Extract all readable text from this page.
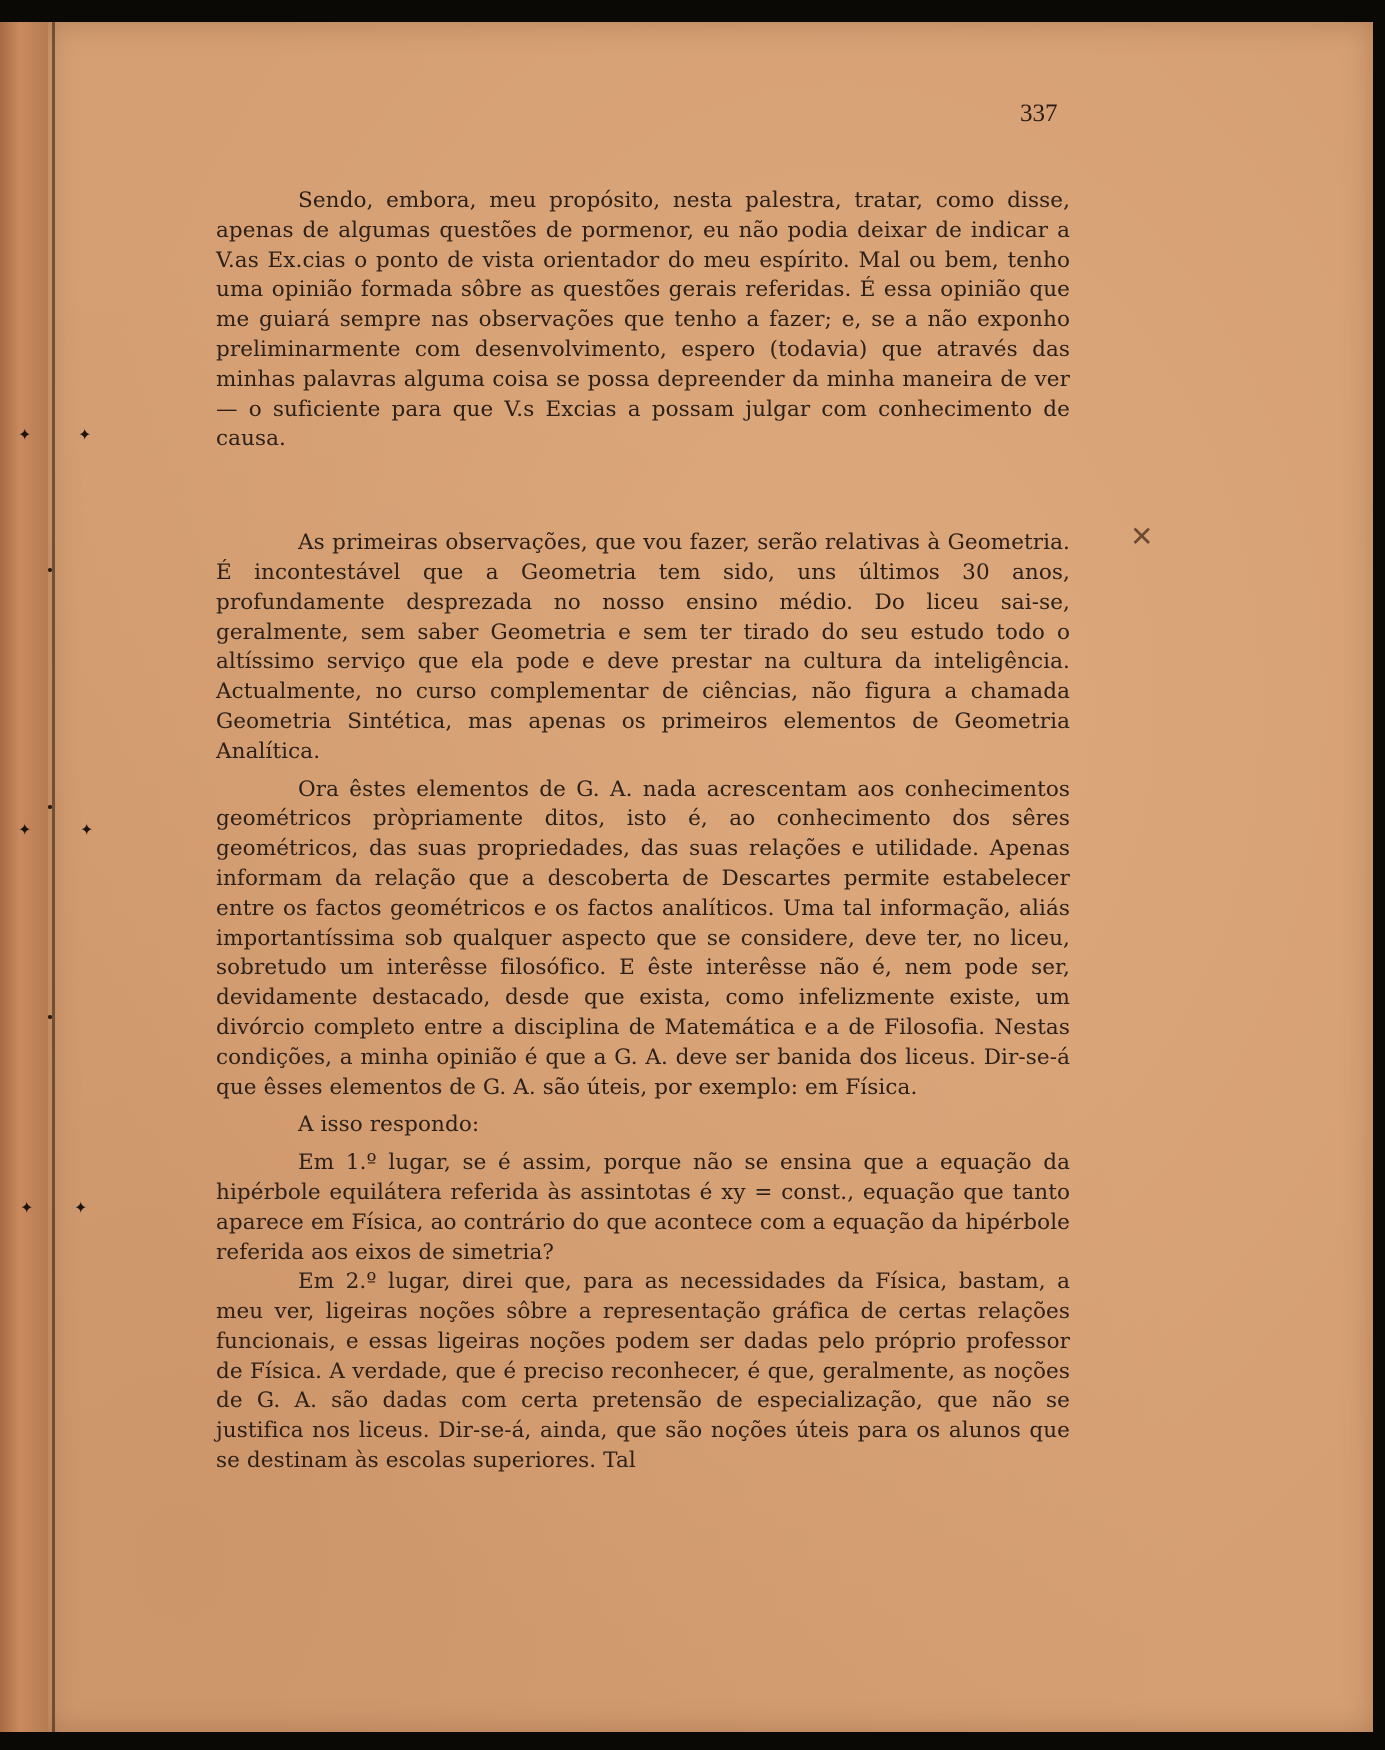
337

Sendo, embora, meu propósito, nesta palestra, tratar, como disse, apenas de algumas questões de pormenor, eu não podia deixar de indicar a V.as Ex.cias o ponto de vista orientador do meu espírito. Mal ou bem, tenho uma opinião formada sôbre as questões gerais referidas. É essa opinião que me guiará sempre nas observações que tenho a fazer; e, se a não exponho preliminarmente com desenvolvimento, espero (todavia) que através das minhas palavras alguma coisa se possa depreender da minha maneira de ver — o suficiente para que V.s Excias a possam julgar com conhecimento de causa.

As primeiras observações, que vou fazer, serão relativas à Geometria. É incontestável que a Geometria tem sido, uns últimos 30 anos, profundamente desprezada no nosso ensino médio. Do liceu sai-se, geralmente, sem saber Geometria e sem ter tirado do seu estudo todo o altíssimo serviço que ela pode e deve prestar na cultura da inteligência. Actualmente, no curso complementar de ciências, não figura a chamada Geometria Sintética, mas apenas os primeiros elementos de Geometria Analítica.

Ora êstes elementos de G. A. nada acrescentam aos conhecimentos geométricos pròpriamente ditos, isto é, ao conhecimento dos sêres geométricos, das suas propriedades, das suas relações e utilidade. Apenas informam da relação que a descoberta de Descartes permite estabelecer entre os factos geométricos e os factos analíticos. Uma tal informação, aliás importantíssima sob qualquer aspecto que se considere, deve ter, no liceu, sobretudo um interêsse filosófico. E êste interêsse não é, nem pode ser, devidamente destacado, desde que exista, como infelizmente existe, um divórcio completo entre a disciplina de Matemática e a de Filosofia. Nestas condições, a minha opinião é que a G. A. deve ser banida dos liceus. Dir-se-á que êsses elementos de G. A. são úteis, por exemplo: em Física.

A isso respondo:

Em 1.º lugar, se é assim, porque não se ensina que a equação da hipérbole equilátera referida às assintotas é xy = const., equação que tanto aparece em Física, ao contrário do que acontece com a equação da hipérbole referida aos eixos de simetria?

Em 2.º lugar, direi que, para as necessidades da Física, bastam, a meu ver, ligeiras noções sôbre a representação gráfica de certas relações funcionais, e essas ligeiras noções podem ser dadas pelo próprio professor de Física. A verdade, que é preciso reconhecer, é que, geralmente, as noções de G. A. são dadas com certa pretensão de especialização, que não se justifica nos liceus. Dir-se-á, ainda, que são noções úteis para os alunos que se destinam às escolas superiores. Tal

✦	✦
✦	✦
✦	✦
✕
